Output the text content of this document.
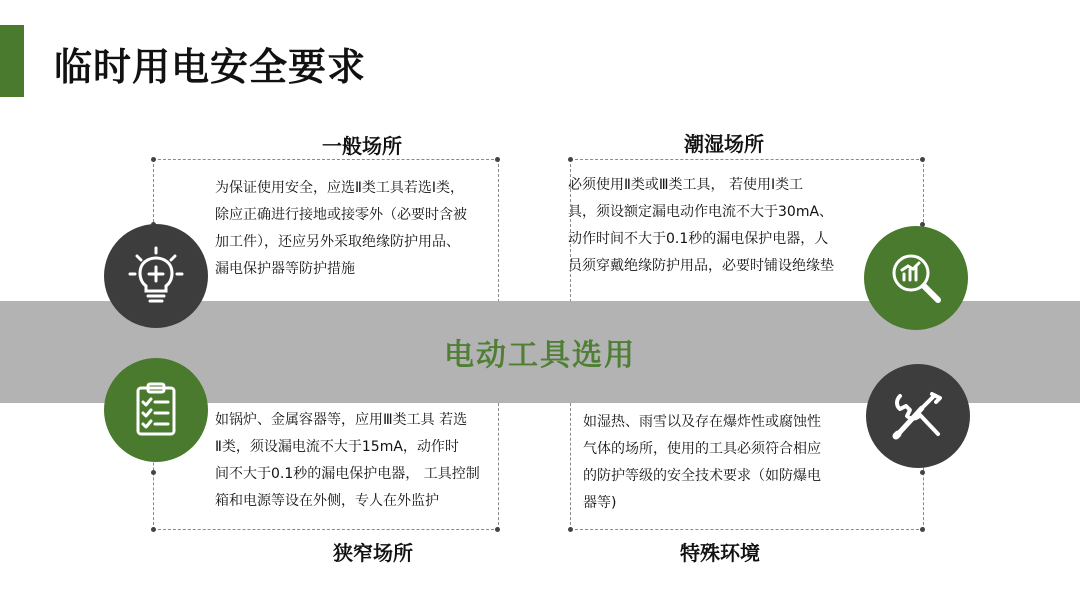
临时用电安全要求
一般场所	潮湿场所
狭窄场所	特殊环境
为保证使用安全，应选Ⅱ类工具若选Ⅰ类，
除应正确进行接地或接零外（必要时含被
加工件），还应另外采取绝缘防护用品、
漏电保护器等防护措施
必须使用Ⅱ类或Ⅲ类工具， 若使用Ⅰ类工
具，须设额定漏电动作电流不大于30mA、
动作时间不大于0.1秒的漏电保护电器，人
员须穿戴绝缘防护用品，必要时铺设绝缘垫
如锅炉、金属容器等，应用Ⅲ类工具 若选
Ⅱ类，须设漏电流不大于15mA，动作时
间不大于0.1秒的漏电保护电器， 工具控制
箱和电源等设在外侧，专人在外监护
如湿热、雨雪以及存在爆炸性或腐蚀性
气体的场所，使用的工具必须符合相应
的防护等级的安全技术要求（如防爆电
器等)
电动工具选用
